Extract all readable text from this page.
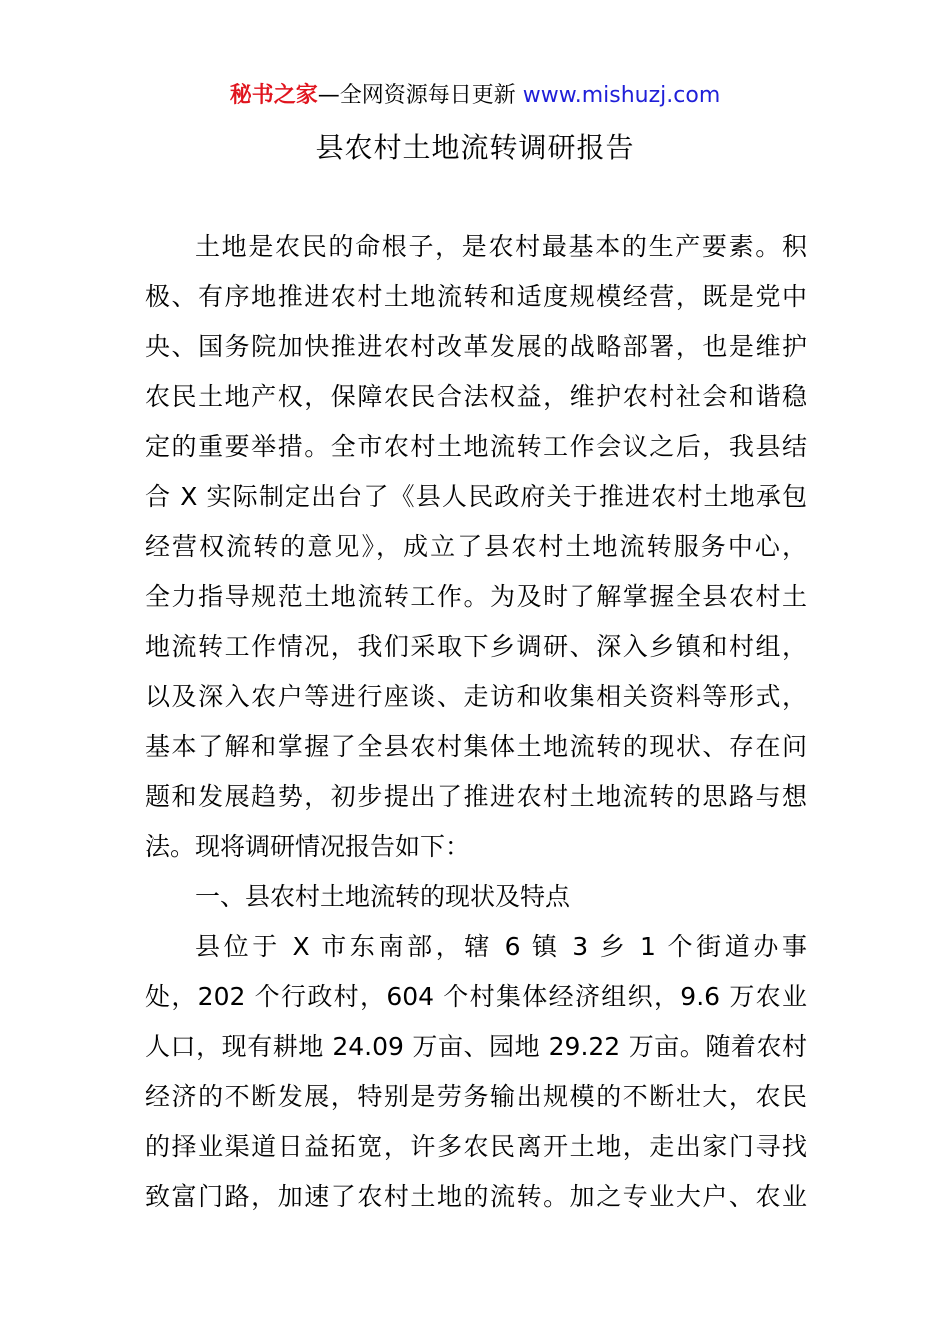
秘书之家—全网资源每日更新 www.mishuzj.com
县农村土地流转调研报告
土地是农民的命根子，是农村最基本的生产要素。积
极、有序地推进农村土地流转和适度规模经营，既是党中
央、国务院加快推进农村改革发展的战略部署，也是维护
农民土地产权，保障农民合法权益，维护农村社会和谐稳
定的重要举措。全市农村土地流转工作会议之后，我县结
合 X 实际制定出台了《县人民政府关于推进农村土地承包
经营权流转的意见》，成立了县农村土地流转服务中心，
全力指导规范土地流转工作。为及时了解掌握全县农村土
地流转工作情况，我们采取下乡调研、深入乡镇和村组，
以及深入农户等进行座谈、走访和收集相关资料等形式，
基本了解和掌握了全县农村集体土地流转的现状、存在问
题和发展趋势，初步提出了推进农村土地流转的思路与想
法。现将调研情况报告如下：
一、县农村土地流转的现状及特点
县位于 X 市东南部，辖 6 镇 3 乡 1 个街道办事
处，202 个行政村，604 个村集体经济组织，9.6 万农业
人口，现有耕地 24.09 万亩、园地 29.22 万亩。随着农村
经济的不断发展，特别是劳务输出规模的不断壮大，农民
的择业渠道日益拓宽，许多农民离开土地，走出家门寻找
致富门路，加速了农村土地的流转。加之专业大户、农业
